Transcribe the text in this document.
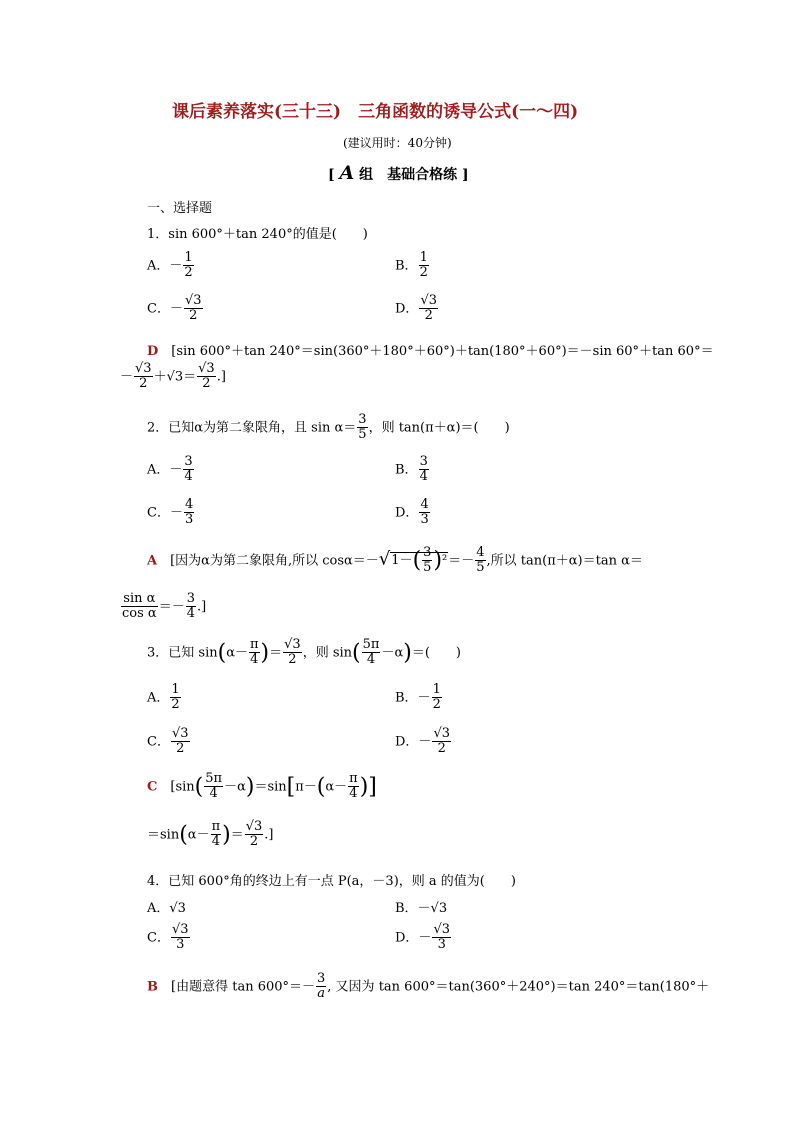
课后素养落实(三十三)　三角函数的诱导公式(一～四)
(建议用时：40分钟)
[ A 组　基础合格练 ]
一、选择题
1．sin 600°＋tan 240°的值是(　　)
A．－ $\frac{1}{2}$	B． $\frac{1}{2}$
C．－ $\frac{√3}{2}$	D． $\frac{√3}{2}$
D　 [sin 600°＋tan 240°＝sin(360°＋180°＋60°)＋tan(180°＋60°)＝－sin 60°＋tan 60°＝
－ $\frac{√3}{2} +√3= \frac{√3}{2}$ .]
2．已知α为第二象限角，且 $\sin \alpha= \frac{3}{5}$ ，则 tan(π＋α)＝(　　)
A．－ $\frac{3}{4}$	B． $\frac{3}{4}$
C．－ $\frac{4}{3}$	D． $\frac{4}{3}$
A　 [因为α为第二象限角,所以 $\cos\alpha=-√1-( \frac{3}{5} )^2=- \frac{4}{5}$ ,所以 tan(π＋α)＝tan α＝
$\frac{\text{sin α}}{\text{cos α}} =- \frac{3}{4}$ .]
3．已知 $\sin(\alpha- \frac{\pi}{4}$ )＝ $\frac{√3}{2}$ ，则 $\sin( \frac{5\pi}{4} -\alpha)=$(　　)
A． $\frac{1}{2}$	B．－ $\frac{1}{2}$
C． $\frac{√3}{2}$	D．－ $\frac{√3}{2}$
C　 [$\sin( \frac{5\pi}{4} -\alpha)=\sin[\pi-(\alpha- \frac{\pi}{4}$ )]
$=\sin(\alpha- \frac{\pi}{4}$ )＝ $\frac{√3}{2}$ .]
4．已知 600°角的终边上有一点 P(a，－3)，则 a 的值为(　　)
A．√3	B．－√3
C． $\frac{√3}{3}$	D．－ $\frac{√3}{3}$
B　 [由题意得 $\tan 600^\circ=- \frac{3}{a}$ , 又因为 tan 600°＝tan(360°＋240°)＝tan 240°＝tan(180°＋
